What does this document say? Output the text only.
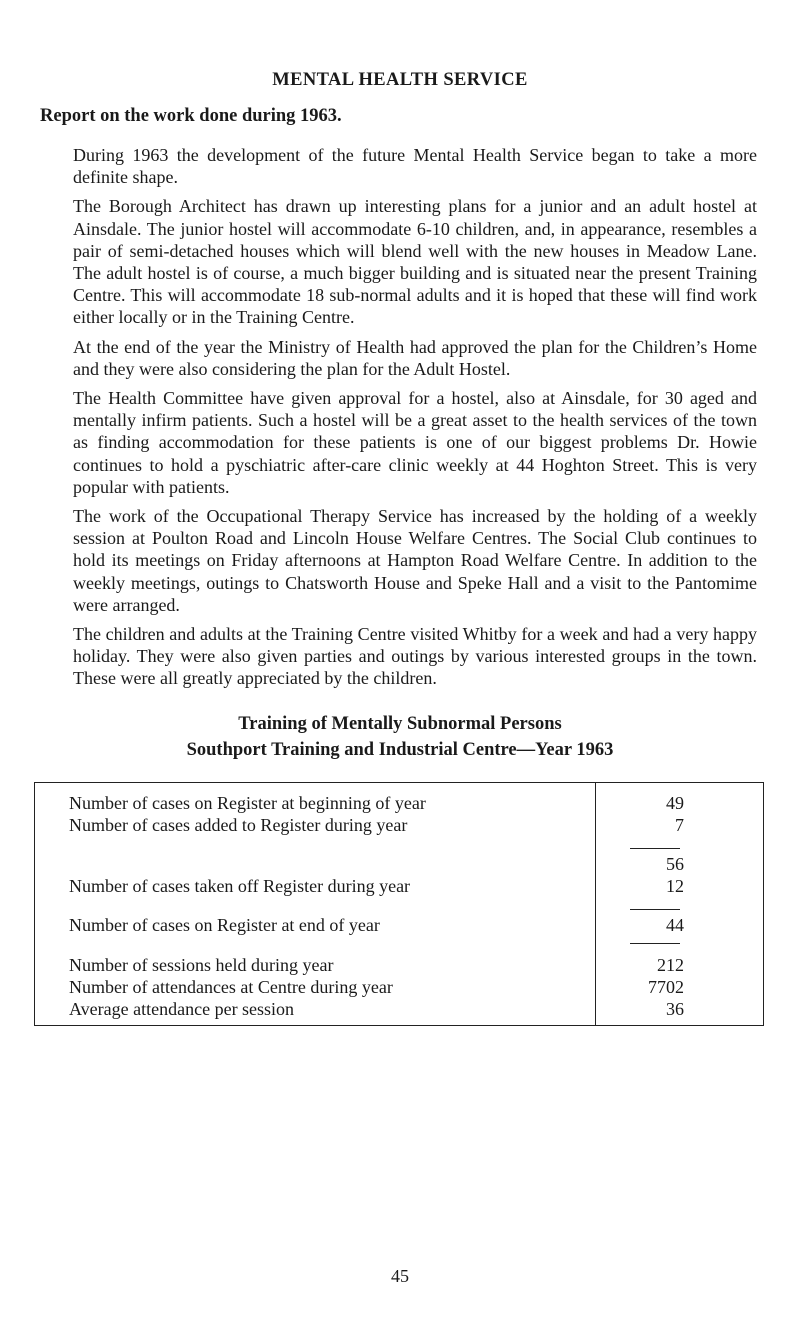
MENTAL HEALTH SERVICE
Report on the work done during 1963.

During 1963 the development of the future Mental Health Service began to take a more definite shape.

The Borough Architect has drawn up interesting plans for a junior and an adult hostel at Ainsdale. The junior hostel will accommodate 6-10 children, and, in appearance, resembles a pair of semi-detached houses which will blend well with the new houses in Meadow Lane. The adult hostel is of course, a much bigger building and is situated near the present Training Centre. This will accommodate 18 sub-normal adults and it is hoped that these will find work either locally or in the Training Centre.

At the end of the year the Ministry of Health had approved the plan for the Children’s Home and they were also considering the plan for the Adult Hostel.

The Health Committee have given approval for a hostel, also at Ainsdale, for 30 aged and mentally infirm patients. Such a hostel will be a great asset to the health services of the town as finding accommodation for these patients is one of our biggest problems Dr. Howie continues to hold a pyschiatric after-care clinic weekly at 44 Hoghton Street. This is very popular with patients.

The work of the Occupational Therapy Service has increased by the holding of a weekly session at Poulton Road and Lincoln House Welfare Centres. The Social Club continues to hold its meetings on Friday afternoons at Hampton Road Welfare Centre. In addition to the weekly meetings, outings to Chatsworth House and Speke Hall and a visit to the Pantomime were arranged.

The children and adults at the Training Centre visited Whitby for a week and had a very happy holiday. They were also given parties and outings by various interested groups in the town. These were all greatly appreciated by the children.

Training of Mentally Subnormal Persons
Southport Training and Industrial Centre—Year 1963
Number of cases on Register at beginning of year	49
Number of cases added to Register during year	7
56
Number of cases taken off Register during year	12
Number of cases on Register at end of year	44
Number of sessions held during year	212
Number of attendances at Centre during year	7702
Average attendance per session	36
45
